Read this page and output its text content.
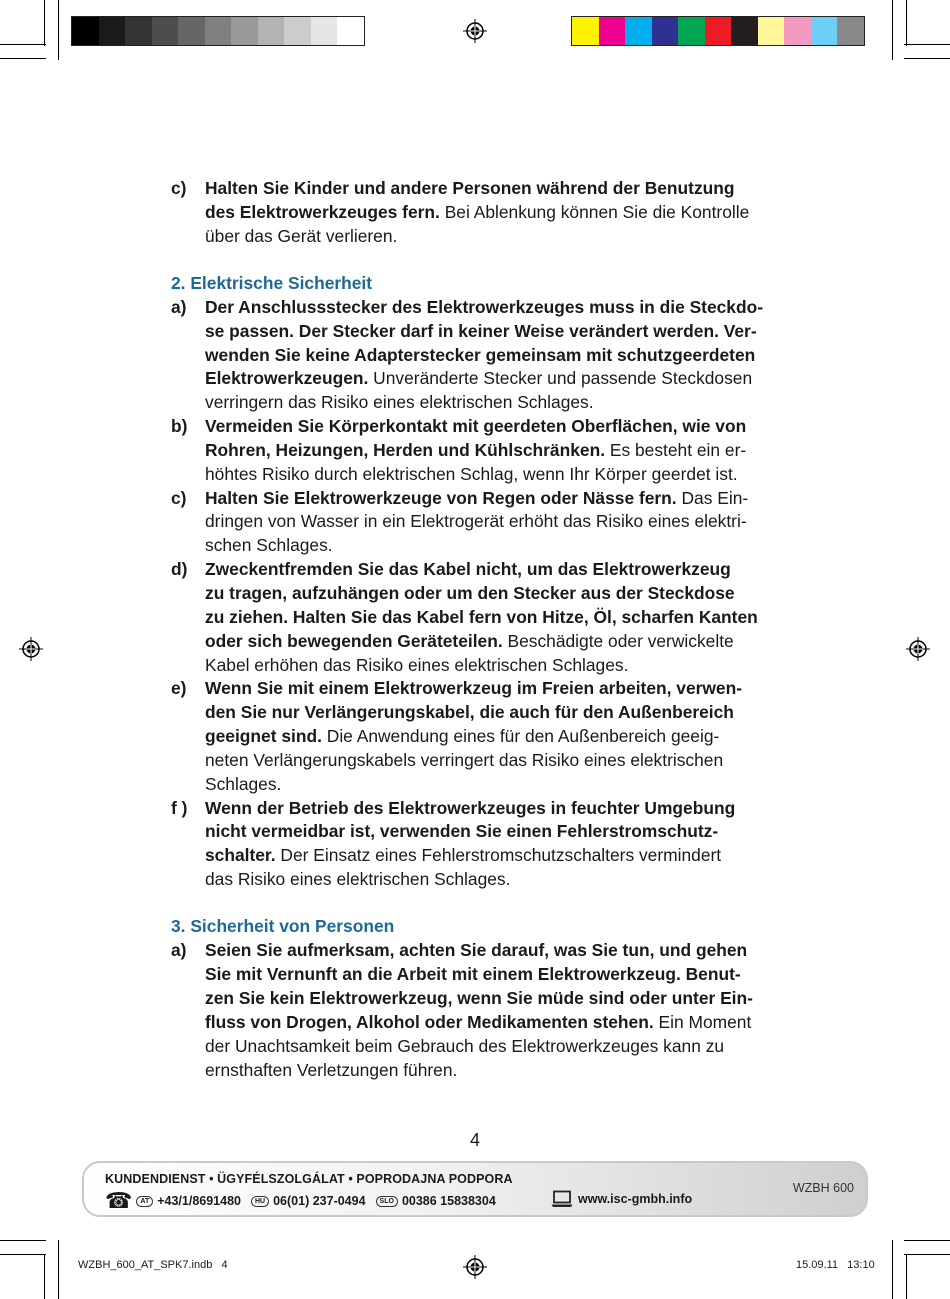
c)	Halten Sie Kinder und andere Personen während der Benutzung
des Elektrowerkzeuges fern. Bei Ablenkung können Sie die Kontrolle
über das Gerät verlieren.
2. Elektrische Sicherheit
a)	Der Anschlussstecker des Elektrowerkzeuges muss in die Steckdo-
se passen. Der Stecker darf in keiner Weise verändert werden. Ver-
wenden Sie keine Adapterstecker gemeinsam mit schutzgeerdeten
Elektrowerkzeugen. Unveränderte Stecker und passende Steckdosen
verringern das Risiko eines elektrischen Schlages.
b)	Vermeiden Sie Körperkontakt mit geerdeten Oberflächen, wie von
Rohren, Heizungen, Herden und Kühlschränken. Es besteht ein er-
höhtes Risiko durch elektrischen Schlag, wenn Ihr Körper geerdet ist.
c)	Halten Sie Elektrowerkzeuge von Regen oder Nässe fern. Das Ein-
dringen von Wasser in ein Elektrogerät erhöht das Risiko eines elektri-
schen Schlages.
d)	Zweckentfremden Sie das Kabel nicht, um das Elektrowerkzeug
zu tragen, aufzuhängen oder um den Stecker aus der Steckdose
zu ziehen. Halten Sie das Kabel fern von Hitze, Öl, scharfen Kanten
oder sich bewegenden Geräteteilen. Beschädigte oder verwickelte
Kabel erhöhen das Risiko eines elektrischen Schlages.
e)	Wenn Sie mit einem Elektrowerkzeug im Freien arbeiten, verwen-
den Sie nur Verlängerungskabel, die auch für den Außenbereich
geeignet sind. Die Anwendung eines für den Außenbereich geeig-
neten Verlängerungskabels verringert das Risiko eines elektrischen
Schlages.
f )	Wenn der Betrieb des Elektrowerkzeuges in feuchter Umgebung
nicht vermeidbar ist, verwenden Sie einen Fehlerstromschutz-
schalter. Der Einsatz eines Fehlerstromschutzschalters vermindert
das Risiko eines elektrischen Schlages.
3. Sicherheit von Personen
a)	Seien Sie aufmerksam, achten Sie darauf, was Sie tun, und gehen
Sie mit Vernunft an die Arbeit mit einem Elektrowerkzeug. Benut-
zen Sie kein Elektrowerkzeug, wenn Sie müde sind oder unter Ein-
fluss von Drogen, Alkohol oder Medikamenten stehen. Ein Moment
der Unachtsamkeit beim Gebrauch des Elektrowerkzeuges kann zu
ernsthaften Verletzungen führen.
4
KUNDENDIENST • ÜGYFÉLSZOLGÁLAT • POPRODAJNA PODPORA
☎	AT +43/1/8691480	HU 06(01) 237-0494	SLO 00386 15838304	www.isc-gmbh.info
WZBH 600
WZBH_600_AT_SPK7.indb   4	15.09.11   13:10
